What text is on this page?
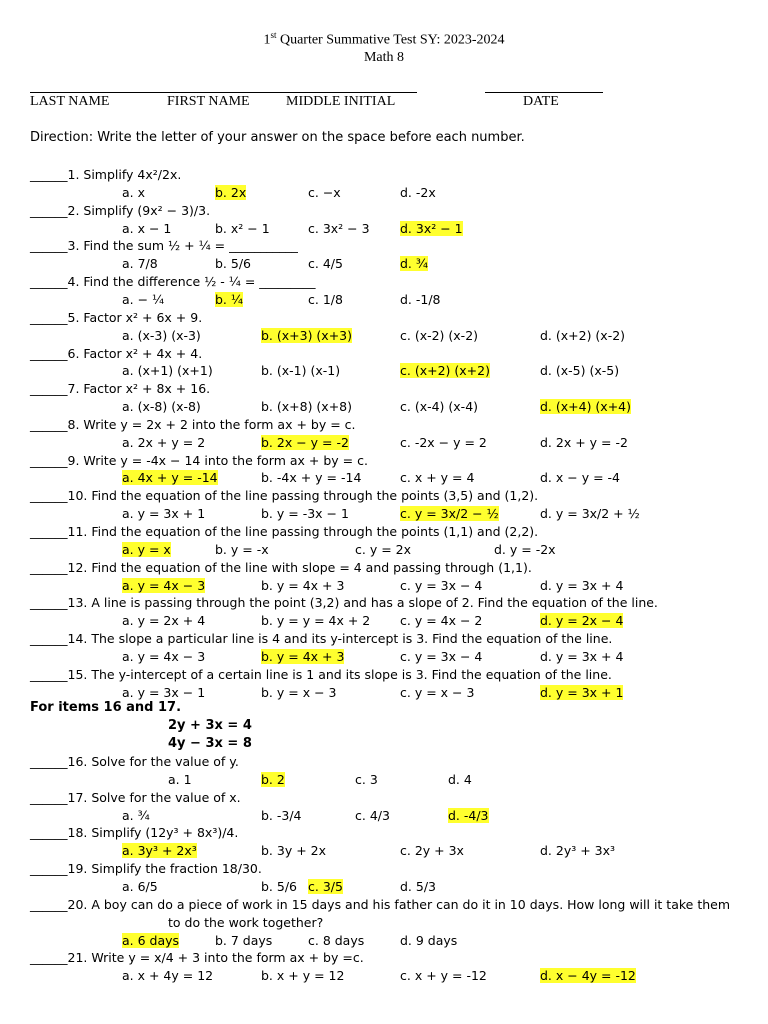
1st Quarter Summative Test SY: 2023-2024
Math 8
LAST NAME	FIRST NAME	MIDDLE INITIAL	DATE
Direction: Write the letter of your answer on the space before each number.
______1. Simplify 4x²/2x.
a. x	b. 2x	c. −x	d. -2x
______2. Simplify (9x² − 3)/3.
a. x − 1	b. x² − 1	c. 3x² − 3 d. 3x² − 1
______3. Find the sum ½ + ¼ = ___________
a. 7/8	b. 5/6	c. 4/5	d. ¾
______4. Find the difference ½ - ¼ = _________
a. − ¼	b. ¼	c. 1/8	d. -1/8
______5. Factor x² + 6x + 9.
a. (x-3) (x-3)	b. (x+3) (x+3)	c. (x-2) (x-2)	d. (x+2) (x-2)
______6. Factor x² + 4x + 4.
a. (x+1) (x+1)	b. (x-1) (x-1)	c. (x+2) (x+2)	d. (x-5) (x-5)
______7. Factor x² + 8x + 16.
a. (x-8) (x-8)	b. (x+8) (x+8)	c. (x-4) (x-4)	d. (x+4) (x+4)
______8. Write y = 2x + 2 into the form ax + by = c.
a. 2x + y = 2	b. 2x − y = -2	c. -2x − y = 2	d. 2x + y = -2
______9. Write y = -4x − 14 into the form ax + by = c.
a. 4x + y = -14	b. -4x + y = -14	c. x + y = 4	d. x − y = -4
______10. Find the equation of the line passing through the points (3,5) and (1,2).
a. y = 3x + 1	b. y = -3x − 1	c. y = 3x/2 − ½	d. y = 3x/2 + ½
______11. Find the equation of the line passing through the points (1,1) and (2,2).
a. y = x	b. y = -x	c. y = 2x	d. y = -2x
______12. Find the equation of the line with slope = 4 and passing through (1,1).
a. y = 4x − 3	b. y = 4x + 3	c. y = 3x − 4	d. y = 3x + 4
______13. A line is passing through the point (3,2) and has a slope of 2. Find the equation of the line.
a. y = 2x + 4	b. y = y = 4x + 2 c. y = 4x − 2	d. y = 2x − 4
______14. The slope a particular line is 4 and its y-intercept is 3. Find the equation of the line.
a. y = 4x − 3	b. y = 4x + 3	c. y = 3x − 4	d. y = 3x + 4
______15. The y-intercept of a certain line is 1 and its slope is 3. Find the equation of the line.
a. y = 3x − 1	b. y = x − 3	c. y = x − 3	d. y = 3x + 1
For items 16 and 17.
2y + 3x = 4
4y − 3x = 8
______16. Solve for the value of y.
a. 1	b. 2	c. 3	d. 4
______17. Solve for the value of x.
a. ¾	b. -3/4	c. 4/3	d. -4/3
______18. Simplify (12y³ + 8x³)/4.
a. 3y³ + 2x³	b. 3y + 2x	c. 2y + 3x	d. 2y³ + 3x³
______19. Simplify the fraction 18/30.
a. 6/5	b. 5/6 c. 3/5	d. 5/3
______20. A boy can do a piece of work in 15 days and his father can do it in 10 days. How long will it take them
to do the work together?
a. 6 days	b. 7 days	c. 8 days	d. 9 days
______21. Write y = x/4 + 3 into the form ax + by =c.
a. x + 4y = 12	b. x + y = 12	c. x + y = -12	d. x − 4y = -12
